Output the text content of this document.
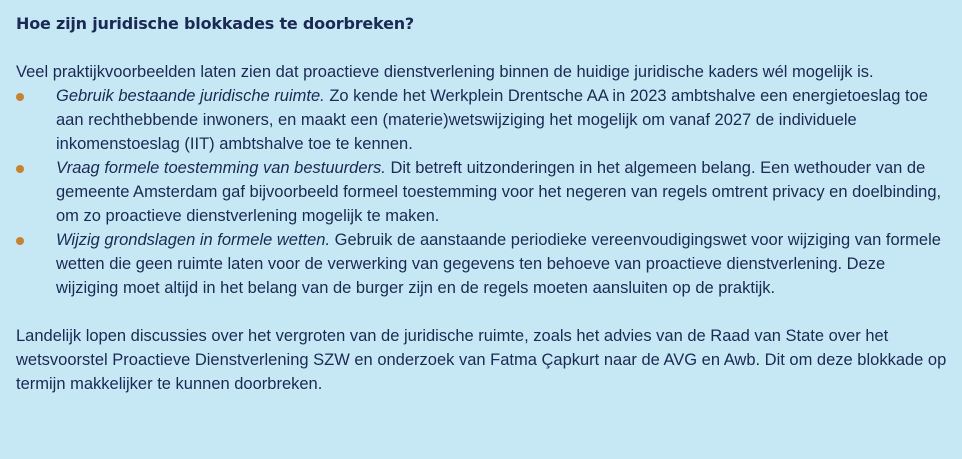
Hoe zijn juridische blokkades te doorbreken?

Veel praktijkvoorbeelden laten zien dat proactieve dienstverlening binnen de huidige juridische kaders wél mogelijk is.

Gebruik bestaande juridische ruimte. Zo kende het Werkplein Drentsche AA in 2023 ambtshalve een energietoeslag toe aan rechthebbende inwoners, en maakt een (materie)wetswijziging het mogelijk om vanaf 2027 de individuele inkomenstoeslag (IIT) ambtshalve toe te kennen.
Vraag formele toestemming van bestuurders. Dit betreft uitzonderingen in het algemeen belang. Een wethouder van de gemeente Amsterdam gaf bijvoorbeeld formeel toestemming voor het negeren van regels omtrent privacy en doelbinding, om zo proactieve dienstverlening mogelijk te maken.
Wijzig grondslagen in formele wetten. Gebruik de aanstaande periodieke vereenvoudigingswet voor wijziging van formele wetten die geen ruimte laten voor de verwerking van gegevens ten behoeve van proactieve dienstverlening. Deze wijziging moet altijd in het belang van de burger zijn en de regels moeten aansluiten op de praktijk.

Landelijk lopen discussies over het vergroten van de juridische ruimte, zoals het advies van de Raad van State over het wetsvoorstel Proactieve Dienstverlening SZW en onderzoek van Fatma Çapkurt naar de AVG en Awb. Dit om deze blokkade op termijn makkelijker te kunnen doorbreken.
